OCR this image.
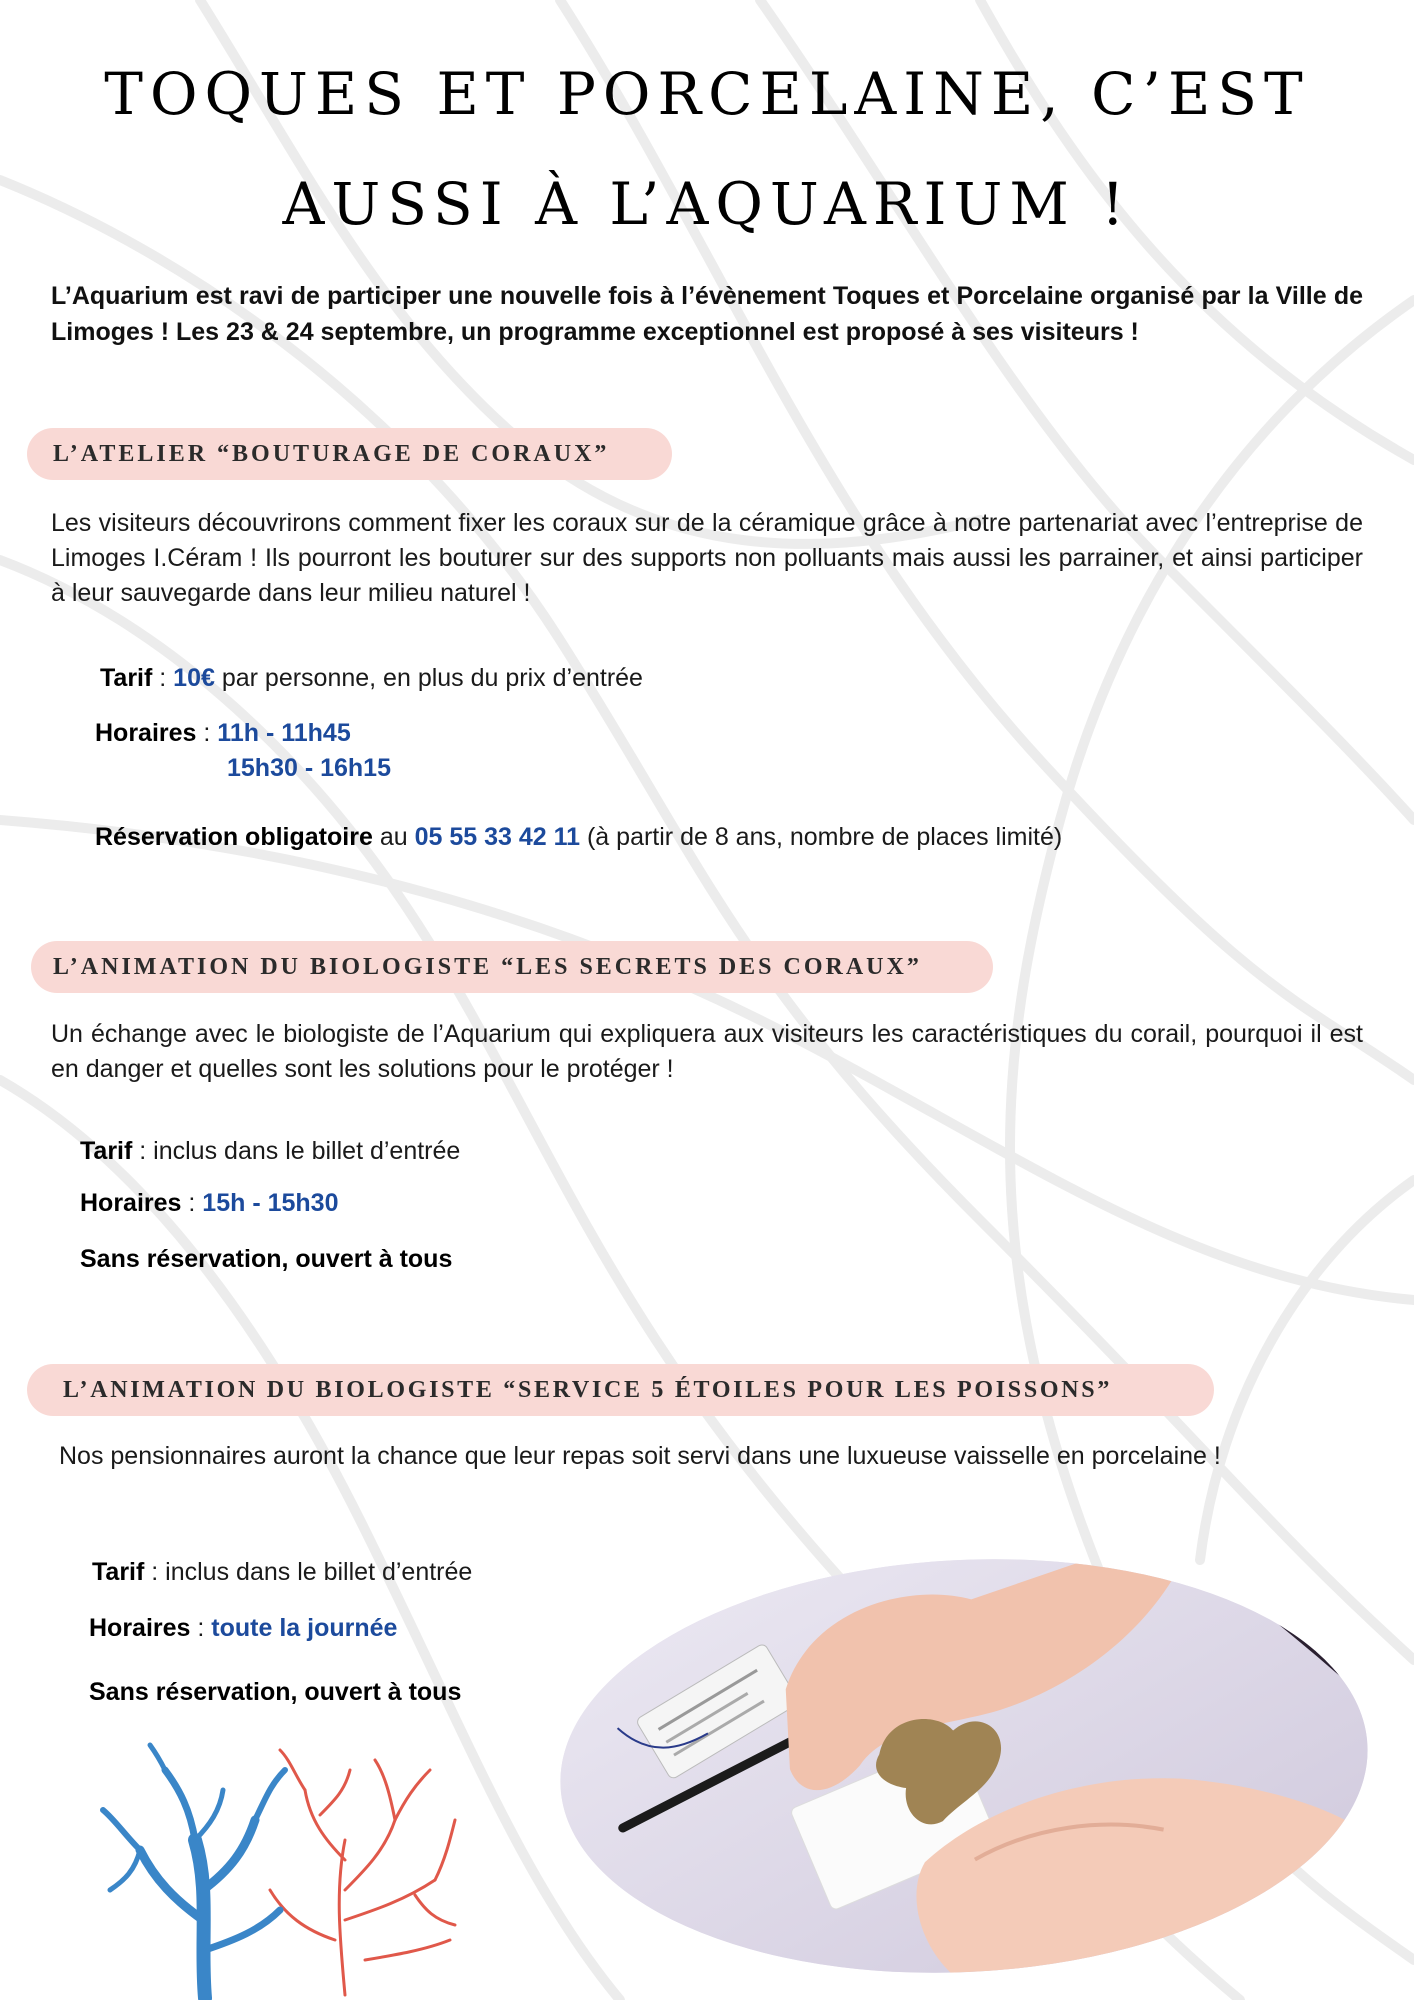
TOQUES ET PORCELAINE, C’EST
AUSSI À L’AQUARIUM !

L’Aquarium est ravi de participer une nouvelle fois à l’évènement Toques et Porcelaine organisé par la Ville de Limoges ! Les 23 & 24 septembre, un programme exceptionnel est proposé à ses visiteurs !

L’ATELIER “BOUTURAGE DE CORAUX”

Les visiteurs découvrirons comment fixer les coraux sur de la céramique grâce à notre partenariat avec l’entreprise de Limoges I.Céram ! Ils pourront les bouturer sur des supports non polluants mais aussi les parrainer, et ainsi participer à leur sauvegarde dans leur milieu naturel !

Tarif : 10€ par personne, en plus du prix d’entrée
Horaires : 11h - 11h45
15h30 - 16h15
Réservation obligatoire au 05 55 33 42 11 (à partir de 8 ans, nombre de places limité)
L’ANIMATION DU BIOLOGISTE “LES SECRETS DES CORAUX”

Un échange avec le biologiste de l’Aquarium qui expliquera aux visiteurs les caractéristiques du corail, pourquoi il est en danger et quelles sont les solutions pour le protéger !

Tarif : inclus dans le billet d’entrée
Horaires : 15h - 15h30
Sans réservation, ouvert à tous
L’ANIMATION DU BIOLOGISTE “SERVICE 5 ÉTOILES POUR LES POISSONS”

Nos pensionnaires auront la chance que leur repas soit servi dans une luxueuse vaisselle en porcelaine !

Tarif : inclus dans le billet d’entrée
Horaires : toute la journée
Sans réservation, ouvert à tous
